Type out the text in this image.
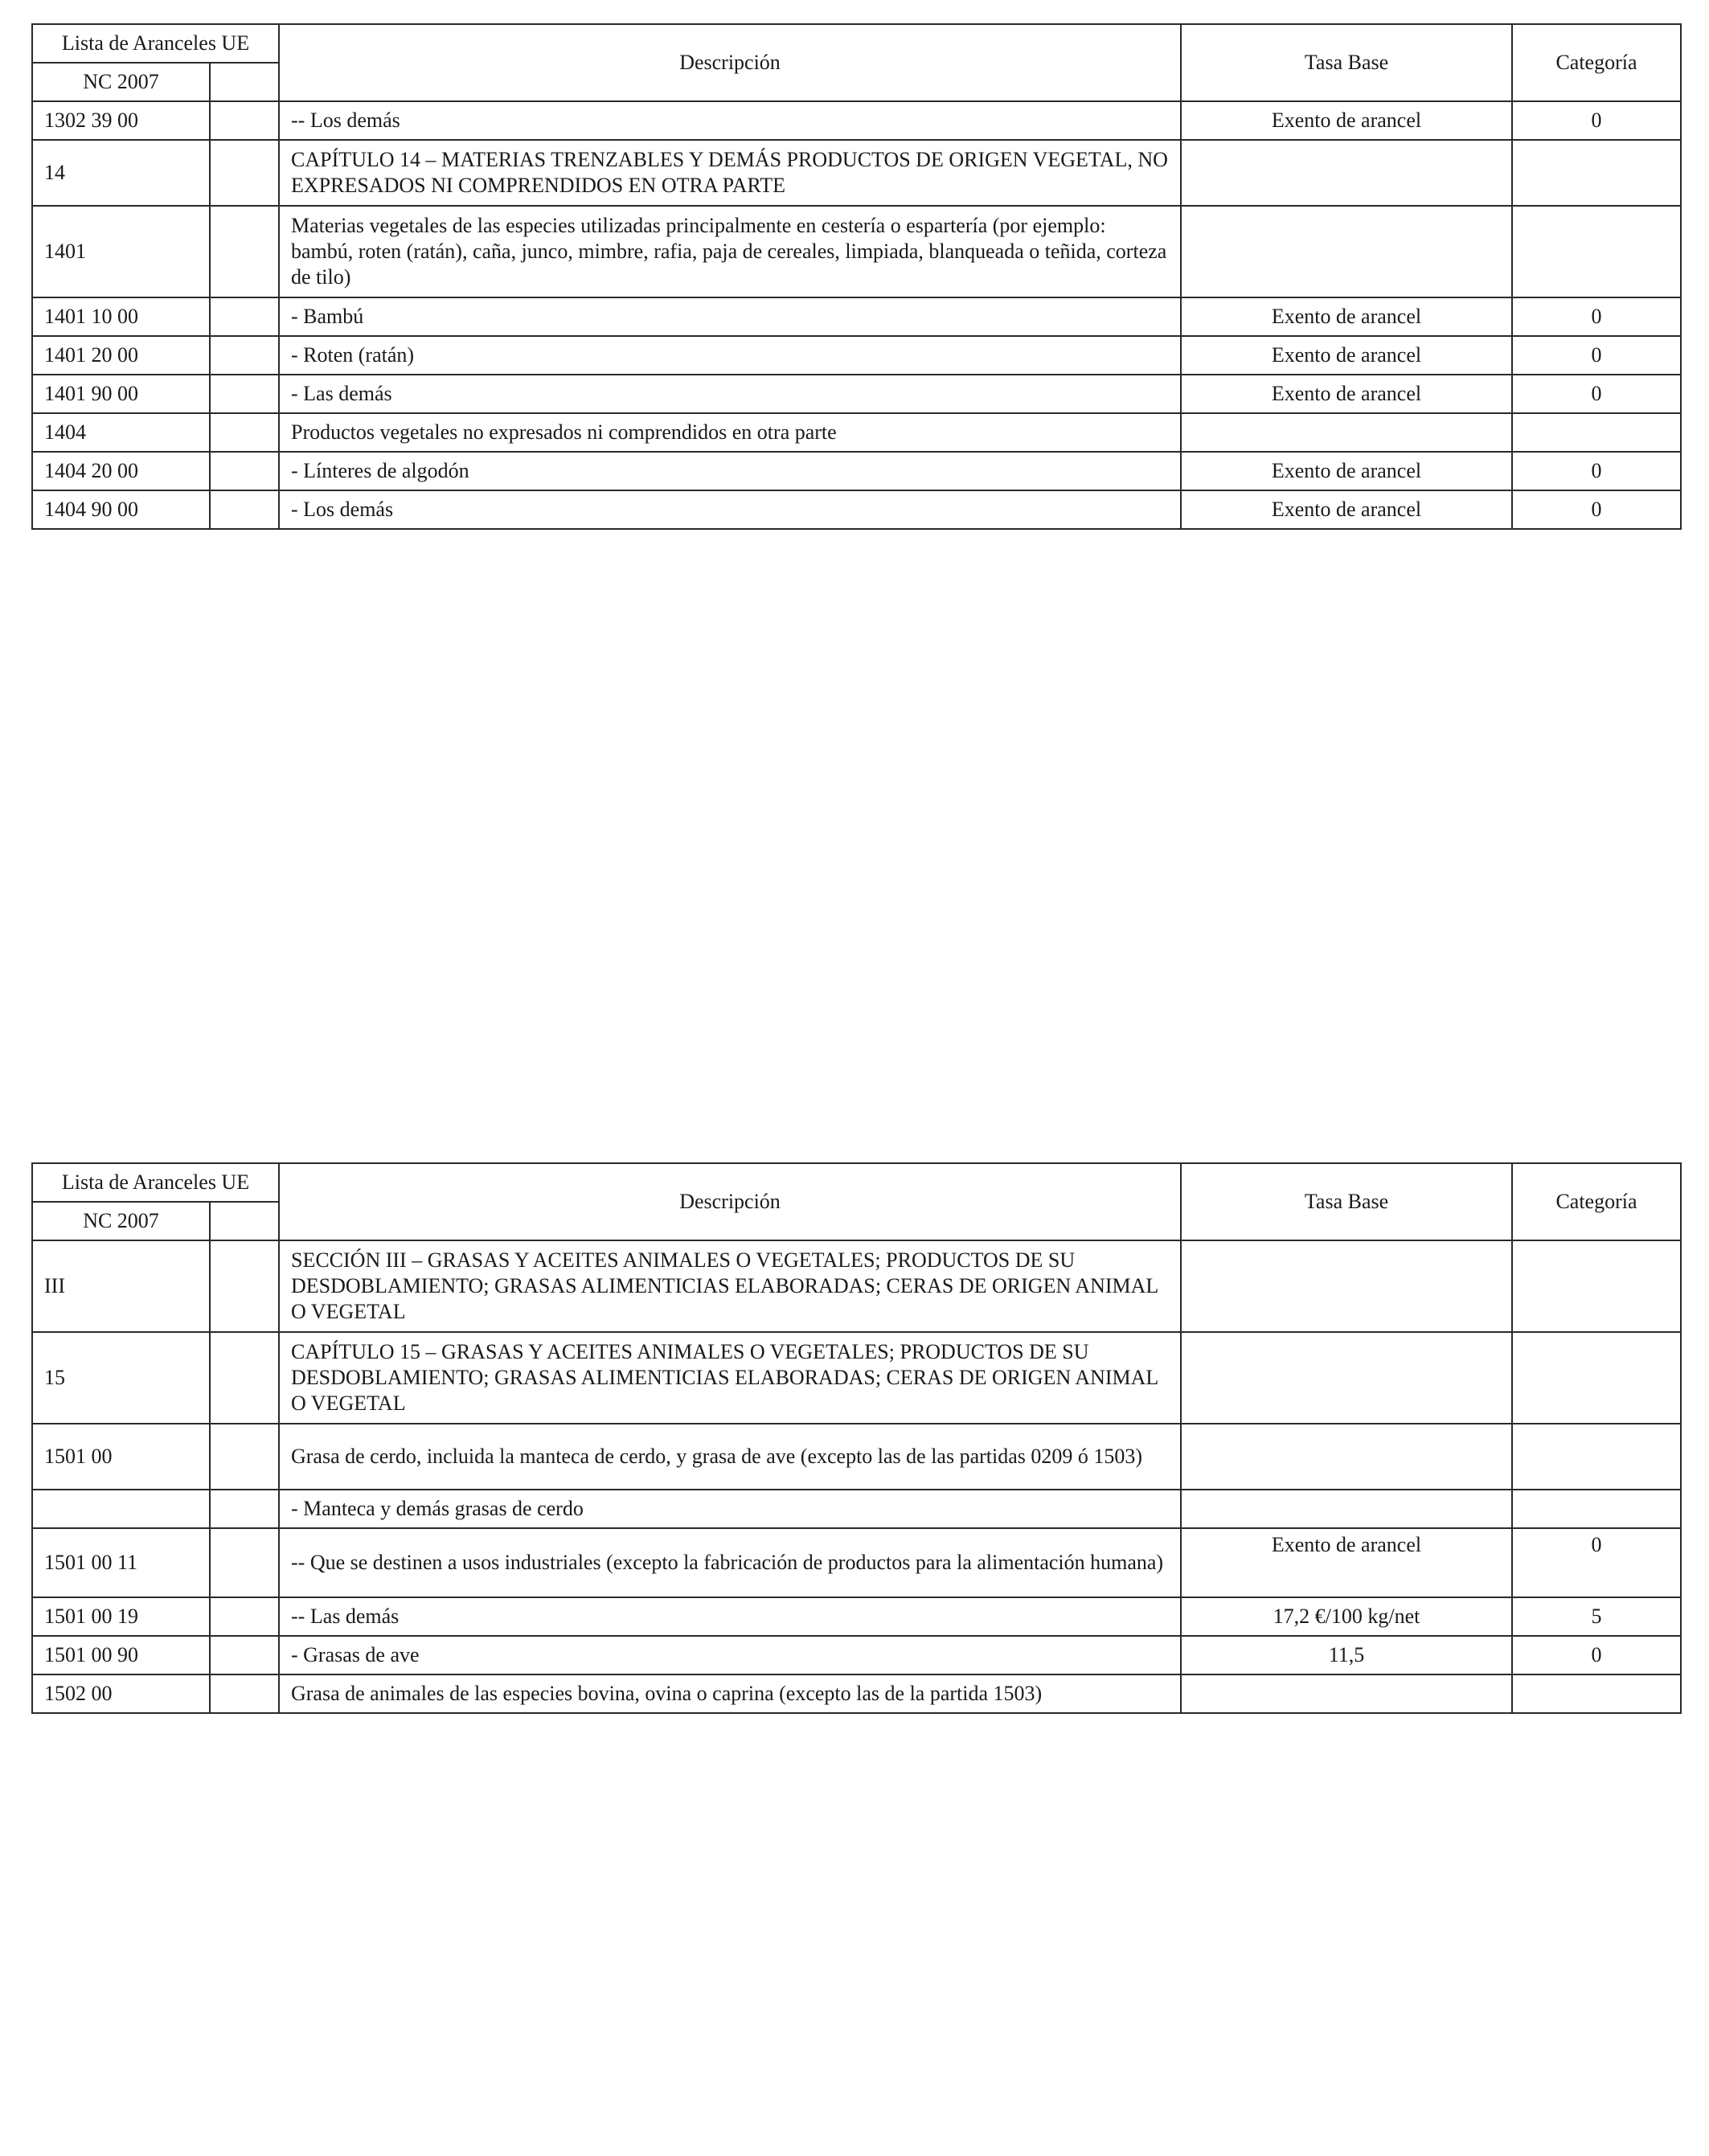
Lista de Aranceles UE		Descripción	Tasa Base	Categoría
NC 2007				
1302 39 00		-- Los demás	Exento de arancel	0
14		CAPÍTULO 14 – MATERIAS TRENZABLES Y DEMÁS PRODUCTOS DE ORIGEN VEGETAL, NO EXPRESADOS NI COMPRENDIDOS EN OTRA PARTE		
1401		Materias vegetales de las especies utilizadas principalmente en cestería o espartería (por ejemplo: bambú, roten (ratán), caña, junco, mimbre, rafia, paja de cereales, limpiada, blanqueada o teñida, corteza de tilo)		
1401 10 00		- Bambú	Exento de arancel	0
1401 20 00		- Roten (ratán)	Exento de arancel	0
1401 90 00		- Las demás	Exento de arancel	0
1404		Productos vegetales no expresados ni comprendidos en otra parte		
1404 20 00		- Línteres de algodón	Exento de arancel	0
1404 90 00		- Los demás	Exento de arancel	0
Lista de Aranceles UE		Descripción	Tasa Base	Categoría
NC 2007				
III		SECCIÓN III – GRASAS Y ACEITES ANIMALES O VEGETALES; PRODUCTOS DE SU DESDOBLAMIENTO; GRASAS ALIMENTICIAS ELABORADAS; CERAS DE ORIGEN ANIMAL O VEGETAL		
15		CAPÍTULO 15 – GRASAS Y ACEITES ANIMALES O VEGETALES; PRODUCTOS DE SU DESDOBLAMIENTO; GRASAS ALIMENTICIAS ELABORADAS; CERAS DE ORIGEN ANIMAL O VEGETAL		
1501 00		Grasa de cerdo, incluida la manteca de cerdo, y grasa de ave (excepto las de las partidas 0209 ó 1503)		
		- Manteca y demás grasas de cerdo		
1501 00 11		-- Que se destinen a usos industriales (excepto la fabricación de productos para la alimentación humana)	Exento de arancel	0
1501 00 19		-- Las demás	17,2 €/100 kg/net	5
1501 00 90		- Grasas de ave	11,5	0
1502 00		Grasa de animales de las especies bovina, ovina o caprina (excepto las de la partida 1503)		
